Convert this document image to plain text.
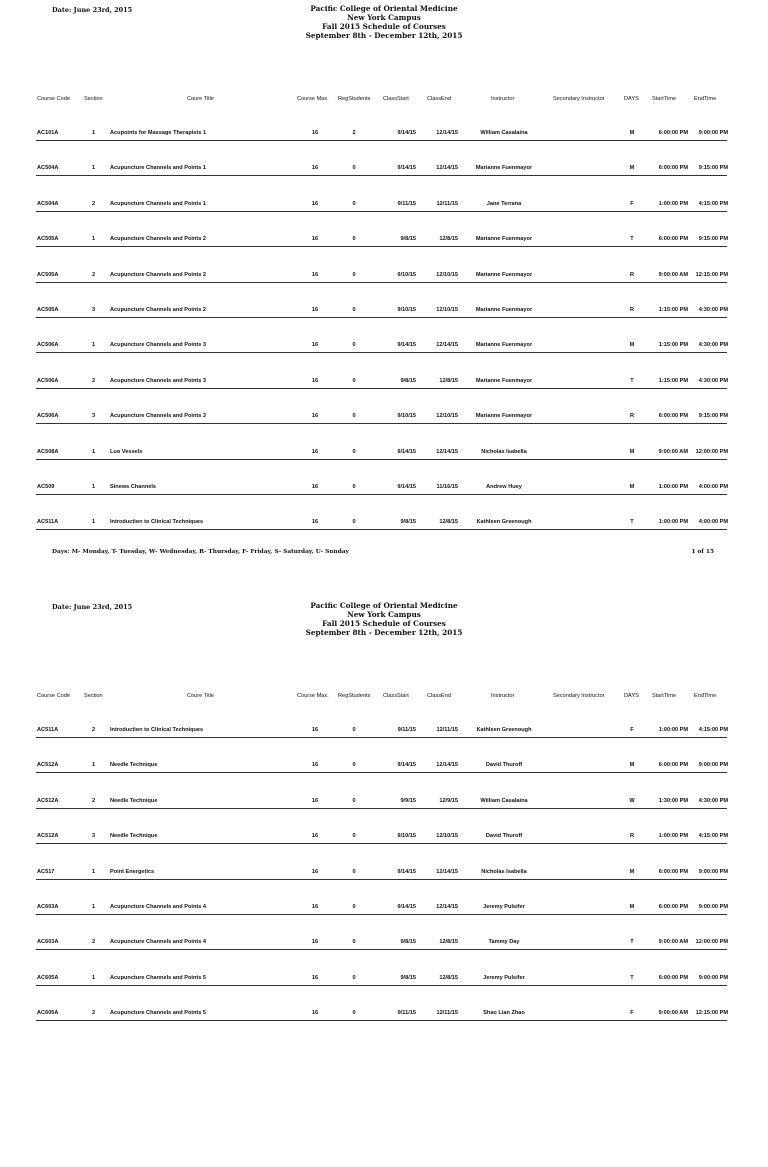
Date: June 23rd, 2015	Pacific College of Oriental Medicine
New York Campus
Fall 2015 Schedule of Courses
September 8th - December 12th, 2015
Course Code	Section	Coure Title	Course Max. RegStudents ClassStart	ClassEnd	Instructor	Secondary Instructor	DAYS StartTime	EndTime
AC101A	1	Acupoints for Massage Therapists 1	16	2	9/14/15	12/14/15	William Casalaina	M	6:00:00 PM	9:00:00 PM
AC504A	1	Acupuncture Channels and Points 1	16	0	9/14/15	12/14/15	Marianne Fuenmayor	M	6:00:00 PM	9:15:00 PM
AC504A	2	Acupuncture Channels and Points 1	16	0	9/11/15	12/11/15	Jane Terrana	F	1:00:00 PM	4:15:00 PM
AC505A	1	Acupuncture Channels and Points 2	16	0	9/8/15	12/8/15	Marianne Fuenmayor	T	6:00:00 PM	9:15:00 PM
AC505A	2	Acupuncture Channels and Points 2	16	0	9/10/15	12/10/15	Marianne Fuenmayor	R	9:00:00 AM	12:15:00 PM
AC505A	3	Acupuncture Channels and Points 2	16	0	9/10/15	12/10/15	Marianne Fuenmayor	R	1:15:00 PM	4:30:00 PM
AC506A	1	Acupuncture Channels and Points 3	16	0	9/14/15	12/14/15	Marianne Fuenmayor	M	1:15:00 PM	4:30:00 PM
AC506A	2	Acupuncture Channels and Points 3	16	0	9/8/15	12/8/15	Marianne Fuenmayor	T	1:15:00 PM	4:30:00 PM
AC506A	3	Acupuncture Channels and Points 3	16	0	9/10/15	12/10/15	Marianne Fuenmayor	R	6:00:00 PM	9:15:00 PM
AC508A	1	Luo Vessels	16	0	9/14/15	12/14/15	Nicholas Isabella	M	9:00:00 AM	12:00:00 PM
AC509	1	Sinews Channels	16	0	9/14/15	11/16/15	Andrew Huey	M	1:00:00 PM	4:00:00 PM
AC511A	1	Introduction to Clinical Techniques	16	0	9/8/15	12/8/15	Kathleen Greenough	T	1:00:00 PM	4:00:00 PM
Days: M- Monday, T- Tuesday, W- Wednesday, R- Thursday, F- Friday, S- Saturday, U- Sunday	1 of 15
Date: June 23rd, 2015	Pacific College of Oriental Medicine
New York Campus
Fall 2015 Schedule of Courses
September 8th - December 12th, 2015
Course Code	Section	Coure Title	Course Max. RegStudents ClassStart	ClassEnd	Instructor	Secondary Instructor	DAYS StartTime	EndTime
AC511A	2	Introduction to Clinical Techniques	16	0	9/11/15	12/11/15	Kathleen Greenough	F	1:00:00 PM	4:15:00 PM
AC512A	1	Needle Technique	16	0	9/14/15	12/14/15	David Thuroff	M	6:00:00 PM	9:00:00 PM
AC512A	2	Needle Technique	16	0	9/9/15	12/9/15	William Casalaina	W	1:30:00 PM	4:30:00 PM
AC512A	3	Needle Technique	16	0	9/10/15	12/10/15	David Thuroff	R	1:00:00 PM	4:15:00 PM
AC517	1	Point Energetics	16	0	9/14/15	12/14/15	Nicholas Isabella	M	6:00:00 PM	9:00:00 PM
AC603A	1	Acupuncture Channels and Points 4	16	0	9/14/15	12/14/15	Jeremy Pulsifer	M	6:00:00 PM	9:00:00 PM
AC603A	2	Acupuncture Channels and Points 4	16	0	9/8/15	12/8/15	Tammy Day	T	9:00:00 AM	12:00:00 PM
AC605A	1	Acupuncture Channels and Points 5	16	0	9/8/15	12/8/15	Jeremy Pulsifer	T	6:00:00 PM	9:00:00 PM
AC605A	2	Acupuncture Channels and Points 5	16	0	9/11/15	12/11/15	Shao Lian Zhao	F	9:00:00 AM	12:15:00 PM
